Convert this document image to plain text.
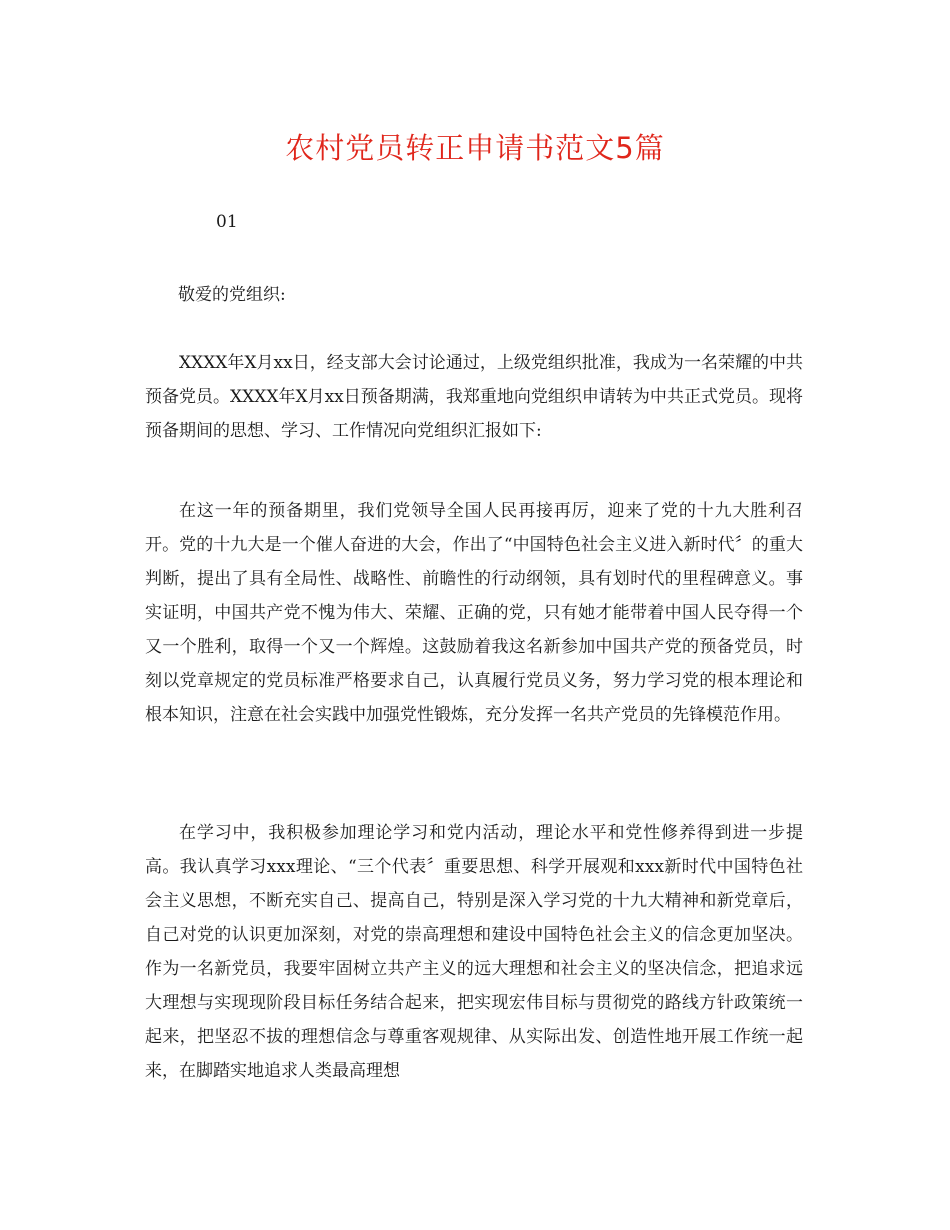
农村党员转正申请书范文5篇
01
敬爱的党组织:

XXXX年X月xx日，经支部大会讨论通过，上级党组织批准，我成为一名荣耀的中共预备党员。XXXX年X月xx日预备期满，我郑重地向党组织申请转为中共正式党员。现将预备期间的思想、学习、工作情况向党组织汇报如下:

在这一年的预备期里，我们党领导全国人民再接再厉，迎来了党的十九大胜利召开。党的十九大是一个催人奋进的大会，作出了“中国特色社会主义进入新时代〞的重大判断，提出了具有全局性、战略性、前瞻性的行动纲领，具有划时代的里程碑意义。事实证明，中国共产党不愧为伟大、荣耀、正确的党，只有她才能带着中国人民夺得一个又一个胜利，取得一个又一个辉煌。这鼓励着我这名新参加中国共产党的预备党员，时刻以党章规定的党员标准严格要求自己，认真履行党员义务，努力学习党的根本理论和根本知识，注意在社会实践中加强党性锻炼，充分发挥一名共产党员的先锋模范作用。

在学习中，我积极参加理论学习和党内活动，理论水平和党性修养得到进一步提高。我认真学习xxx理论、“三个代表〞重要思想、科学开展观和xxx新时代中国特色社会主义思想，不断充实自己、提高自己，特别是深入学习党的十九大精神和新党章后，自己对党的认识更加深刻，对党的崇高理想和建设中国特色社会主义的信念更加坚决。作为一名新党员，我要牢固树立共产主义的远大理想和社会主义的坚决信念，把追求远大理想与实现现阶段目标任务结合起来，把实现宏伟目标与贯彻党的路线方针政策统一起来，把坚忍不拔的理想信念与尊重客观规律、从实际出发、创造性地开展工作统一起来，在脚踏实地追求人类最高理想
